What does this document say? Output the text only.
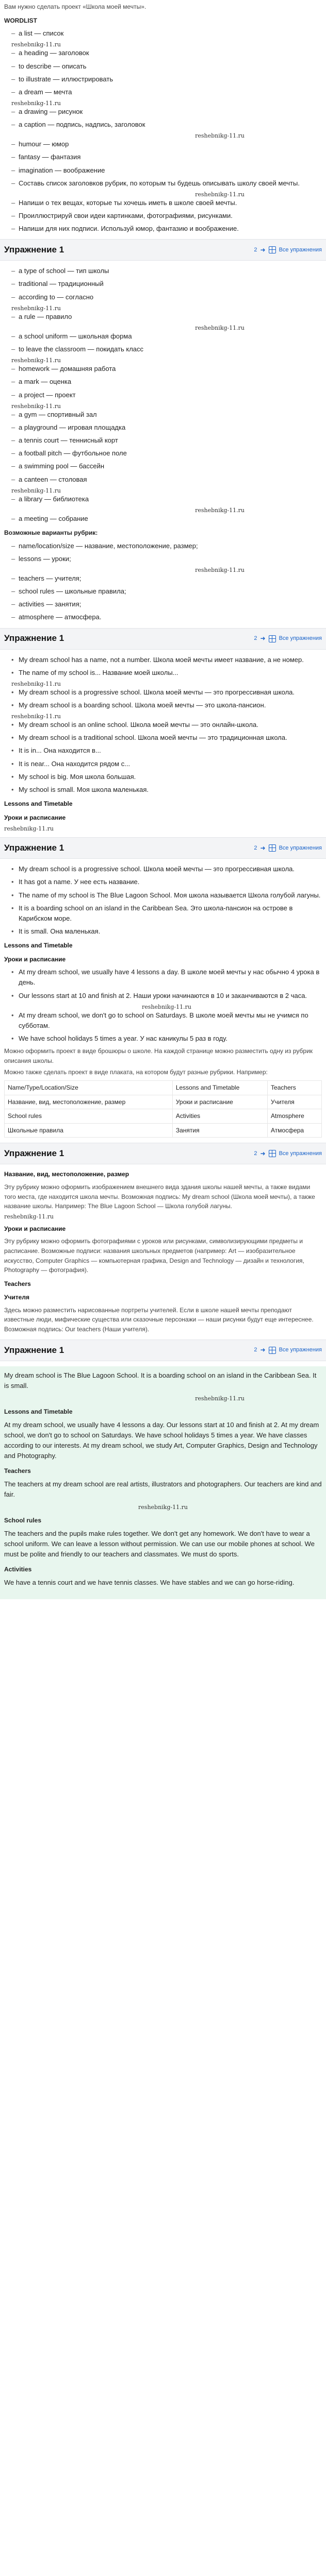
Вам нужно сделать проект «Школа моей мечты».

WORDLIST

– a list — список
reshebnikg-11.ru
– a heading — заголовок
– to describe — описать
– to illustrate — иллюстрировать
– a dream — мечта
reshebnikg-11.ru
– a drawing — рисунок
– a caption — подпись, надпись, заголовок
reshebnikg-11.ru
– humour — юмор
– fantasy — фантазия
– imagination — воображение
– Составь список заголовков рубрик, по которым ты будешь описывать школу своей мечты.
reshebnikg-11.ru
– Напиши о тех вещах, которые ты хочешь иметь в школе своей мечты.
– Проиллюстрируй свои идеи картинками, фотографиями, рисунками.
– Напиши для них подписи. Используй юмор, фантазию и воображение.
Упражнение 1	2 ➜ Все упражнения
– a type of school — тип школы
– traditional — традиционный
– according to — согласно
reshebnikg-11.ru
– a rule — правило
reshebnikg-11.ru
– a school uniform — школьная форма
– to leave the classroom — покидать класс
reshebnikg-11.ru
– homework — домашняя работа
– a mark — оценка
– a project — проект
reshebnikg-11.ru
– a gym — спортивный зал
– a playground — игровая площадка
– a tennis court — теннисный корт
– a football pitch — футбольное поле
– a swimming pool — бассейн
– a canteen — столовая
reshebnikg-11.ru
– a library — библиотека
reshebnikg-11.ru
– a meeting — собрание

Возможные варианты рубрик:

– name/location/size — название, местоположение, размер;
– lessons — уроки;
reshebnikg-11.ru
– teachers — учителя;
– school rules — школьные правила;
– activities — занятия;
– atmosphere — атмосфера.
Упражнение 1	2 ➜ Все упражнения
• My dream school has a name, not a number. Школа моей мечты имеет название, а не номер.
• The name of my school is... Название моей школы...
reshebnikg-11.ru
• My dream school is a progressive school. Школа моей мечты — это прогрессивная школа.
• My dream school is a boarding school. Школа моей мечты — это школа-пансион.
reshebnikg-11.ru
• My dream school is an online school. Школа моей мечты — это онлайн-школа.
• My dream school is a traditional school. Школа моей мечты — это традиционная школа.
• It is in... Она находится в...
• It is near... Она находится рядом с...
• My school is big. Моя школа большая.
• My school is small. Моя школа маленькая.
Lessons and Timetable
Уроки и расписание
reshebnikg-11.ru
Упражнение 1	2 ➜ Все упражнения
• My dream school is a progressive school. Школа моей мечты — это прогрессивная школа.
• It has got a name. У нее есть название.
• The name of my school is The Blue Lagoon School. Моя школа называется Школа голубой лагуны.
• It is a boarding school on an island in the Caribbean Sea. Это школа-пансион на острове в Карибском море.
• It is small. Она маленькая.
Lessons and Timetable
Уроки и расписание
• At my dream school, we usually have 4 lessons a day. В школе моей мечты у нас обычно 4 урока в день.
• Our lessons start at 10 and finish at 2. Наши уроки начинаются в 10 и заканчиваются в 2 часа.
reshebnikg-11.ru
• At my dream school, we don't go to school on Saturdays. В школе моей мечты мы не учимся по субботам.
• We have school holidays 5 times a year. У нас каникулы 5 раз в году.

Можно оформить проект в виде брошюры о школе. На каждой странице можно разместить одну из рубрик описания школы.

Можно также сделать проект в виде плаката, на котором будут разные рубрики. Например:

Name/Type/Location/Size	Lessons and Timetable	Teachers
Название, вид, местоположение, размер	Уроки и расписание	Учителя
School rules	Activities	Atmosphere
Школьные правила	Занятия	Атмосфера
Упражнение 1	2 ➜ Все упражнения
Название, вид, местоположение, размер

Эту рубрику можно оформить изображением внешнего вида здания школы нашей мечты, а также видами того места, где находится школа мечты. Возможная подпись: My dream school (Школа моей мечты), а также название школы. Например: The Blue Lagoon School — Школа голубой лагуны.

reshebnikg-11.ru
Уроки и расписание

Эту рубрику можно оформить фотографиями с уроков или рисунками, символизирующими предметы и расписание. Возможные подписи: названия школьных предметов (например: Art — изобразительное искусство, Computer Graphics — компьютерная графика, Design and Technology — дизайн и технология, Photography — фотография).

Teachers
Учителя

Здесь можно разместить нарисованные портреты учителей. Если в школе нашей мечты преподают известные люди, мифические существа или сказочные персонажи — наши рисунки будут еще интереснее. Возможная подпись: Our teachers (Наши учителя).

Упражнение 1	2 ➜ Все упражнения

My dream school is The Blue Lagoon School. It is a boarding school on an island in the Caribbean Sea. It is small.

reshebnikg-11.ru
Lessons and Timetable

At my dream school, we usually have 4 lessons a day. Our lessons start at 10 and finish at 2. At my dream school, we don't go to school on Saturdays. We have school holidays 5 times a year. We have classes according to our interests. At my dream school, we study Art, Computer Graphics, Design and Technology and Photography.

Teachers

The teachers at my dream school are real artists, illustrators and photographers. Our teachers are kind and fair.

reshebnikg-11.ru
School rules

The teachers and the pupils make rules together. We don't get any homework. We don't have to wear a school uniform. We can leave a lesson without permission. We can use our mobile phones at school. We must be polite and friendly to our teachers and classmates. We must do sports.

Activities

We have a tennis court and we have tennis classes. We have stables and we can go horse-riding.
